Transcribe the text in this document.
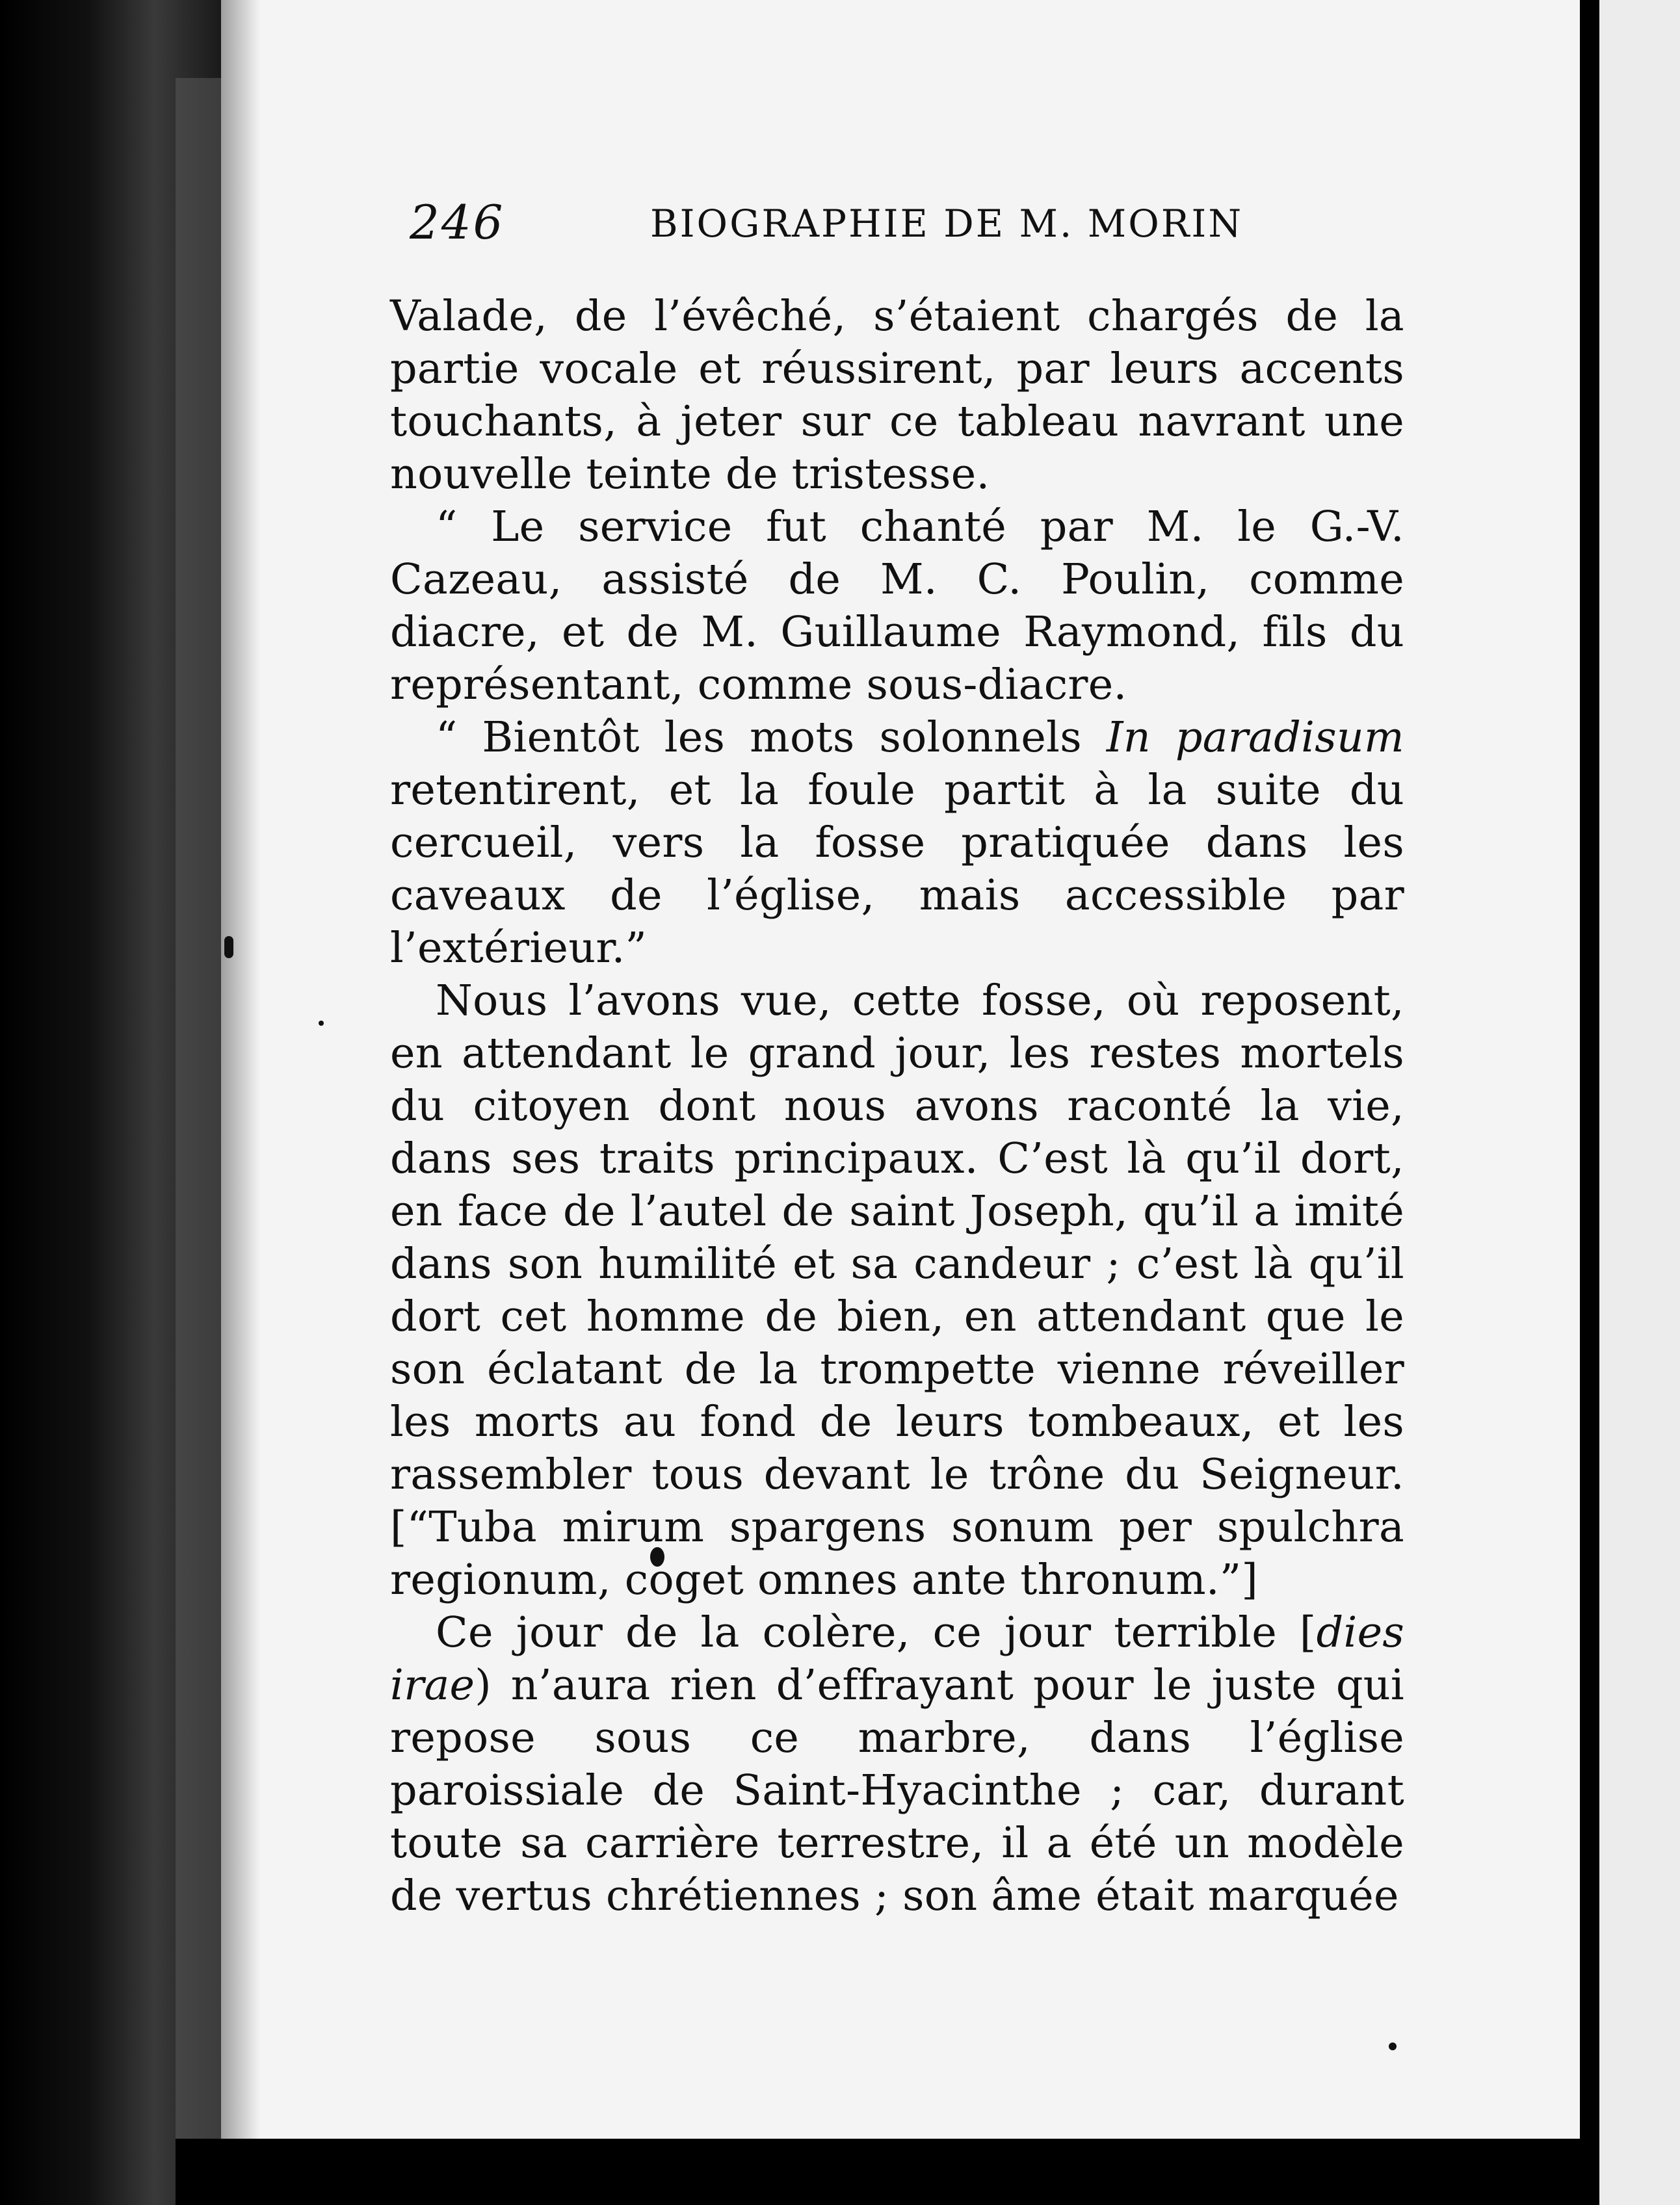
246	BIOGRAPHIE DE M. MORIN

Valade, de l’évêché, s’étaient chargés de la partie vocale et réussirent, par leurs accents touchants, à jeter sur ce tableau navrant une nouvelle teinte de tristesse.

“ Le service fut chanté par M. le G.-V. Cazeau, assisté de M. C. Poulin, comme diacre, et de M. Guillaume Raymond, fils du représentant, comme sous-diacre.

“ Bientôt les mots solonnels In paradisum retentirent, et la foule partit à la suite du cercueil, vers la fosse pratiquée dans les caveaux de l’église, mais accessible par l’extérieur.”

Nous l’avons vue, cette fosse, où reposent, en attendant le grand jour, les restes mortels du citoyen dont nous avons raconté la vie, dans ses traits principaux. C’est là qu’il dort, en face de l’autel de saint Joseph, qu’il a imité dans son humilité et sa candeur ; c’est là qu’il dort cet homme de bien, en attendant que le son éclatant de la trompette vienne réveiller les morts au fond de leurs tombeaux, et les rassembler tous devant le trône du Seigneur. [“Tuba mirum spargens sonum per spulchra regionum, coget omnes ante thronum.”]

Ce jour de la colère, ce jour terrible [dies irae) n’aura rien d’effrayant pour le juste qui repose sous ce marbre, dans l’église paroissiale de Saint-Hyacinthe ; car, durant toute sa carrière terrestre, il a été un modèle de vertus chrétiennes ; son âme était marquée
